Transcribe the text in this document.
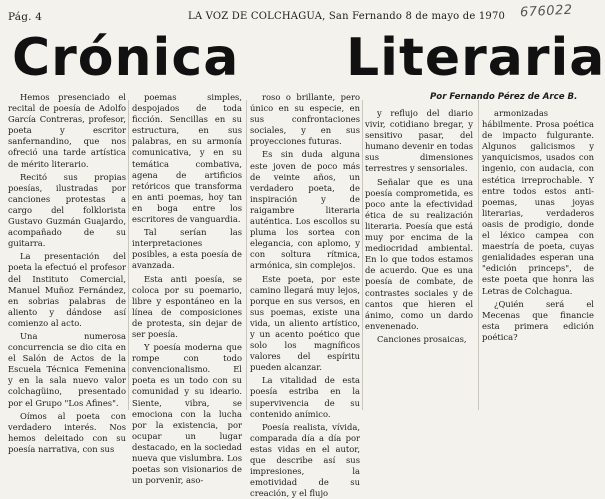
Pág. 4	LA VOZ DE COLCHAGUA, San Fernando 8 de mayo de 1970 676022
Crónica Literaria
Por Fernando Pérez de Arce B.

Hemos presenciado el recital de poesía de Adolfo García Contreras, profesor, poeta y escritor sanfernandino, que nos ofreció una tarde artística de mérito literario.

Recitó sus propias poesías, ilustradas por canciones protestas a cargo del folklorista Gustavo Guzmán Guajardo, acompañado de su guitarra.

La presentación del poeta la efectuó el profesor del Instituto Comercial, Manuel Muñoz Fernández, en sobrias palabras de aliento y dándose así comienzo al acto.

Una numerosa concurrencia se dio cita en el Salón de Actos de la Escuela Técnica Femenina y en la sala nuevo valor colchagüino, presentado por el Grupo "Los Afines".

Oímos al poeta con verdadero interés. Nos hemos deleitado con su poesía narrativa, con sus

poemas simples, despojados de toda ficción. Sencillas en su estructura, en sus palabras, en su armonía comunicativa, y en su temática combativa, agena de artificios retóricos que transforma en anti poemas, hoy tan en boga entre los escritores de vanguardia.

Tal serían las interpretaciones posibles, a esta poesía de avanzada.

Esta anti poesía, se coloca por su poemario, libre y espontáneo en la línea de composiciones de protesta, sin dejar de ser poesía.

Y poesía moderna que rompe con todo convencionalismo. El poeta es un todo con su comunidad y su ideario. Siente, vibra, se emociona con la lucha por la existencia, por ocupar un lugar destacado, en la sociedad nueva que vislumbra. Los poetas son visionarios de un porvenir, aso-

roso o brillante, pero único en su especie, en sus confrontaciones sociales, y en sus proyecciones futuras.

Es sin duda alguna este joven de poco más de veinte años, un verdadero poeta, de inspiración y de raigambre literaria auténtica. Los escollos su pluma los sortea con elegancia, con aplomo, y con soltura rítmica, armónica, sin complejos.

Este poeta, por este camino llegará muy lejos, porque en sus versos, en sus poemas, existe una vida, un aliento artístico, y un acento poético que solo los magníficos valores del espíritu pueden alcanzar.

La vitalidad de esta poesía estriba en la supervivencia de su contenido anímico.

Poesía realista, vívida, comparada día a día por estas vidas en el autor, que describe así sus impresiones, la emotividad de su creación, y el flujo

y reflujo del diario vivir, cotidiano bregar, y sensitivo pasar, del humano devenir en todas sus dimensiones terrestres y sensoriales.

Señalar que es una poesía comprometida, es poco ante la efectividad ética de su realización literaria. Poesía que está muy por encima de la mediocridad ambiental. En lo que todos estamos de acuerdo. Que es una poesía de combate, de contrastes sociales y de cantos que hieren el ánimo, como un dardo envenenado.

Canciones prosaicas,

armonizadas hábilmente. Prosa poética de impacto fulgurante. Algunos galicismos y yanquicismos, usados con ingenio, con audacia, con estética irreprochable. Y entre todos estos anti-poemas, unas joyas literarias, verdaderos oasis de prodigio, donde el léxico campea con maestría de poeta, cuyas genialidades esperan una "edición princeps", de este poeta que honra las Letras de Colchagua.

¿Quién será el Mecenas que financie esta primera edición poética?
